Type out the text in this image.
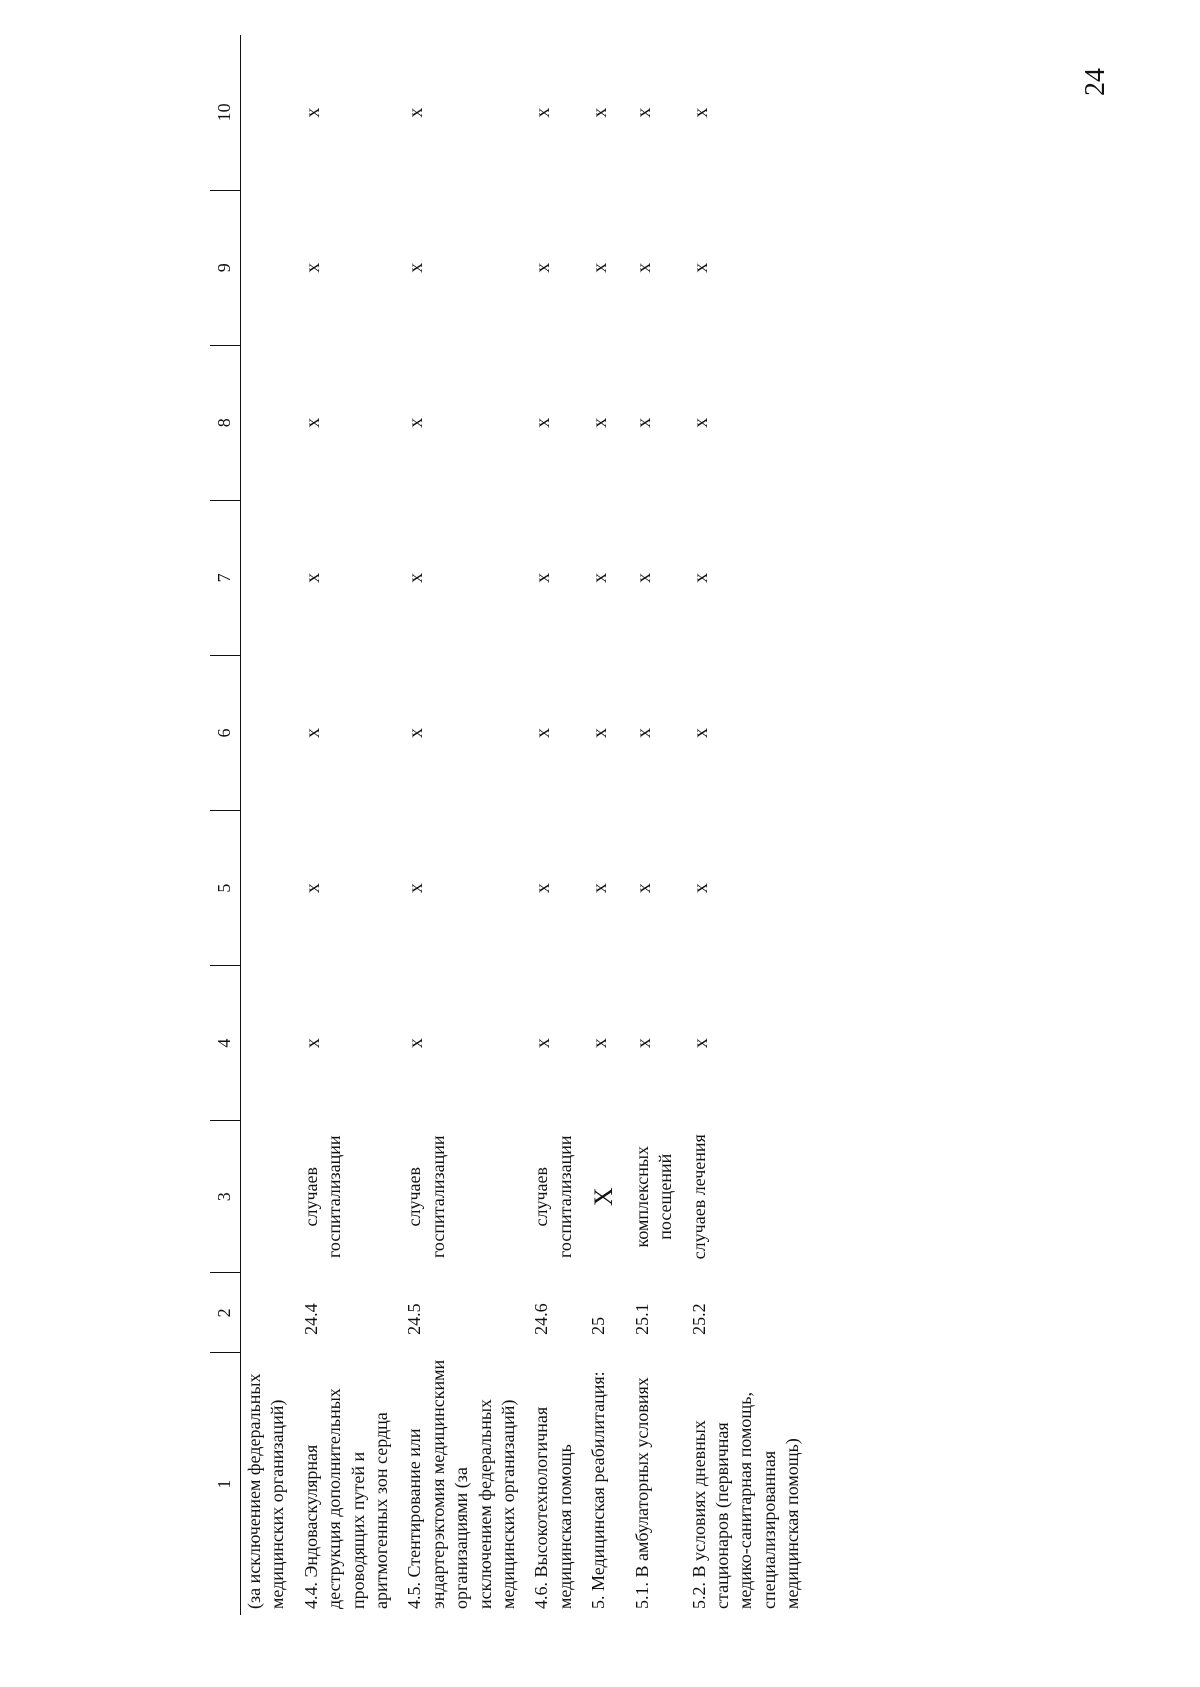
24
1	2	3	4	5	6	7	8	9	10
(за исключением федеральных медицинских организаций)									
4.4. Эндоваскулярная деструкция дополнительных проводящих путей и аритмогенных зон сердца	24.4	случаев госпитализации	х	х	х	х	х	х	х
4.5. Стентирование или эндартерэктомия медицинскими организациями (за исключением федеральных медицинских организаций)	24.5	случаев госпитализации	х	х	х	х	х	х	х
4.6. Высокотехнологичная медицинская помощь	24.6	случаев госпитализации	х	х	х	х	х	х	х
5. Медицинская реабилитация:	25	Х	х	х	х	х	х	х	х
5.1. В амбулаторных условиях	25.1	комплексных посещений	х	х	х	х	х	х	х
5.2. В условиях дневных стационаров (первичная медико-санитарная помощь, специализированная медицинская помощь)	25.2	случаев лечения	х	х	х	х	х	х	х
